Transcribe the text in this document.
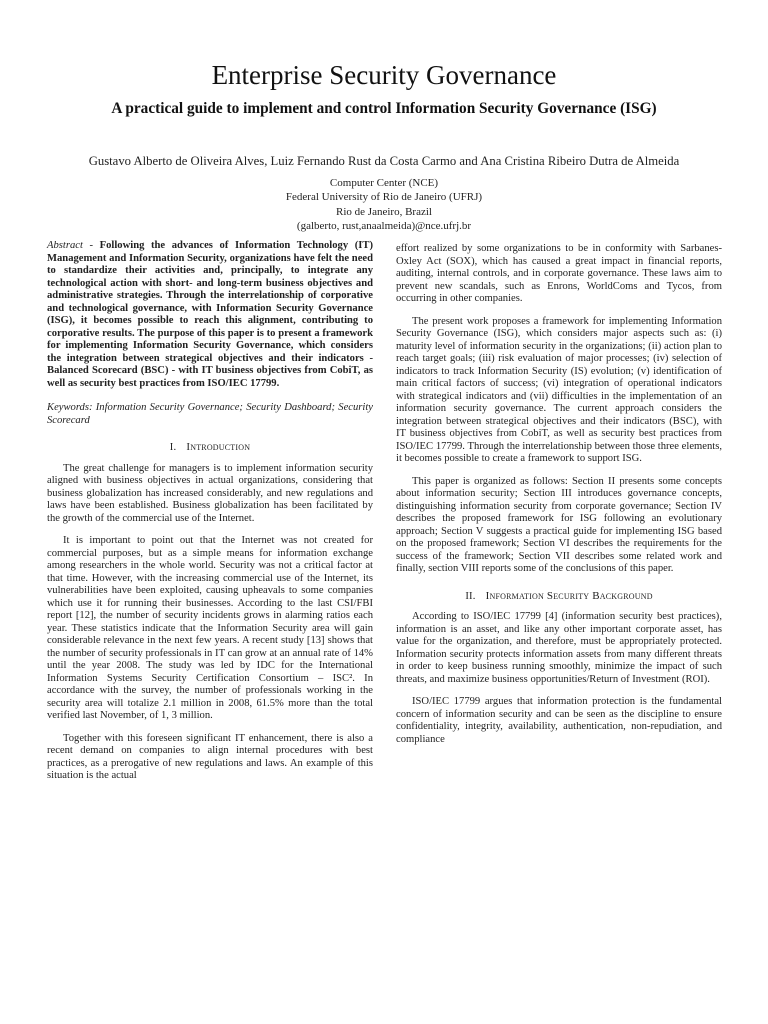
Enterprise Security Governance
A practical guide to implement and control Information Security Governance (ISG)
Gustavo Alberto de Oliveira Alves, Luiz Fernando Rust da Costa Carmo and Ana Cristina Ribeiro Dutra de Almeida
Computer Center (NCE)
Federal University of Rio de Janeiro (UFRJ)
Rio de Janeiro, Brazil
(galberto, rust,anaalmeida)@nce.ufrj.br

Abstract - Following the advances of Information Technology (IT) Management and Information Security, organizations have felt the need to standardize their activities and, principally, to integrate any technological action with short- and long-term business objectives and administrative strategies. Through the interrelationship of corporative and technological governance, with Information Security Governance (ISG), it becomes possible to reach this alignment, contributing to corporative results. The purpose of this paper is to present a framework for implementing Information Security Governance, which considers the integration between strategical objectives and their indicators - Balanced Scorecard (BSC) - with IT business objectives from CobiT, as well as security best practices from ISO/IEC 17799.

Keywords: Information Security Governance; Security Dashboard; Security Scorecard

I. Introduction

The great challenge for managers is to implement information security aligned with business objectives in actual organizations, considering that business globalization has increased considerably, and new regulations and laws have been established. Business globalization has been facilitated by the growth of the commercial use of the Internet.

It is important to point out that the Internet was not created for commercial purposes, but as a simple means for information exchange among researchers in the whole world. Security was not a critical factor at that time. However, with the increasing commercial use of the Internet, its vulnerabilities have been exploited, causing upheavals to some companies which use it for running their businesses. According to the last CSI/FBI report [12], the number of security incidents grows in alarming ratios each year. These statistics indicate that the Information Security area will gain considerable relevance in the next few years. A recent study [13] shows that the number of security professionals in IT can grow at an annual rate of 14% until the year 2008. The study was led by IDC for the International Information Systems Security Certification Consortium – ISC². In accordance with the survey, the number of professionals working in the security area will totalize 2.1 million in 2008, 61.5% more than the total verified last November, of 1, 3 million.

Together with this foreseen significant IT enhancement, there is also a recent demand on companies to align internal procedures with best practices, as a prerogative of new regulations and laws. An example of this situation is the actual

effort realized by some organizations to be in conformity with Sarbanes-Oxley Act (SOX), which has caused a great impact in financial reports, auditing, internal controls, and in corporate governance. These laws aim to prevent new scandals, such as Enrons, WorldComs and Tycos, from occurring in other companies.

The present work proposes a framework for implementing Information Security Governance (ISG), which considers major aspects such as: (i) maturity level of information security in the organizations; (ii) action plan to reach target goals; (iii) risk evaluation of major processes; (iv) selection of indicators to track Information Security (IS) evolution; (v) identification of main critical factors of success; (vi) integration of operational indicators with strategical indicators and (vii) difficulties in the implementation of an information security governance. The current approach considers the integration between strategical objectives and their indicators (BSC), with IT business objectives from CobiT, as well as security best practices from ISO/IEC 17799. Through the interrelationship between those three elements, it becomes possible to create a framework to support ISG.

This paper is organized as follows: Section II presents some concepts about information security; Section III introduces governance concepts, distinguishing information security from corporate governance; Section IV describes the proposed framework for ISG following an evolutionary approach; Section V suggests a practical guide for implementing ISG based on the proposed framework; Section VI describes the requirements for the success of the framework; Section VII describes some related work and finally, section VIII reports some of the conclusions of this paper.

II. Information Security Background

According to ISO/IEC 17799 [4] (information security best practices), information is an asset, and like any other important corporate asset, has value for the organization, and therefore, must be appropriately protected. Information security protects information assets from many different threats in order to keep business running smoothly, minimize the impact of such threats, and maximize business opportunities/Return of Investment (ROI).

ISO/IEC 17799 argues that information protection is the fundamental concern of information security and can be seen as the discipline to ensure confidentiality, integrity, availability, authentication, non-repudiation, and compliance
